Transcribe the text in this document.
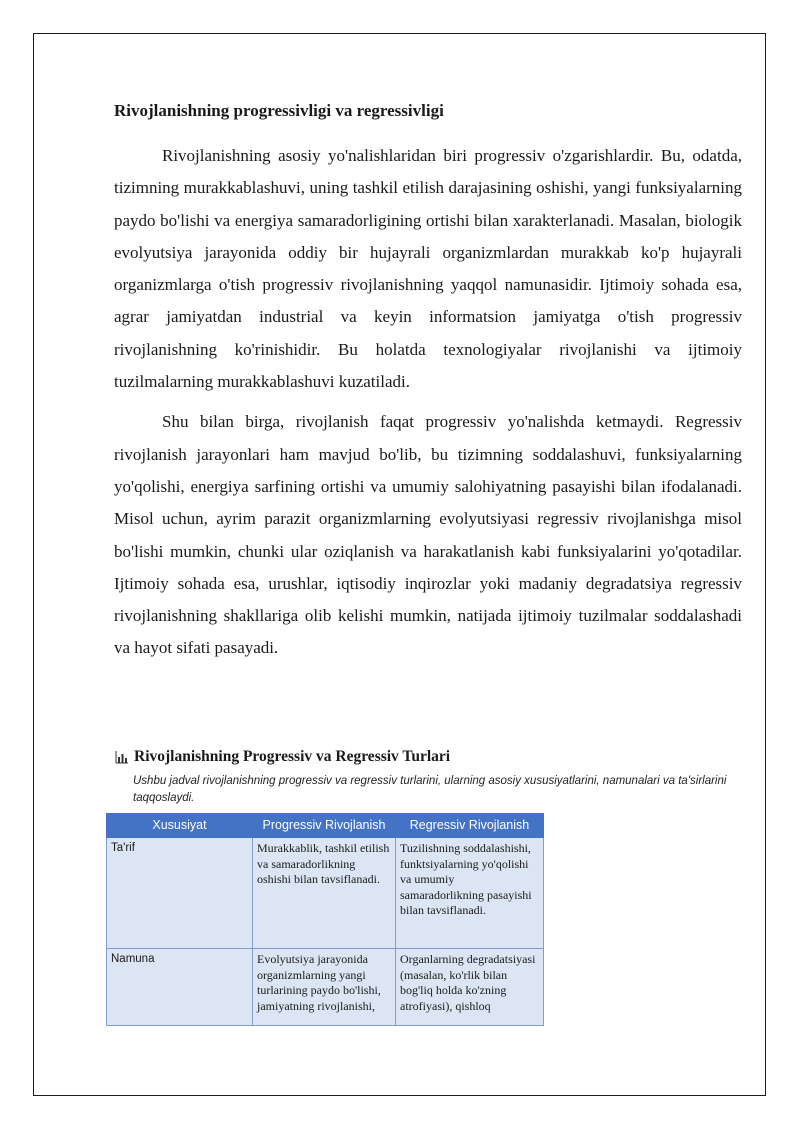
Rivojlanishning progressivligi va regressivligi

Rivojlanishning asosiy yo'nalishlaridan biri progressiv o'zgarishlardir. Bu, odatda, tizimning murakkablashuvi, uning tashkil etilish darajasining oshishi, yangi funksiyalarning paydo bo'lishi va energiya samaradorligining ortishi bilan xarakterlanadi. Masalan, biologik evolyutsiya jarayonida oddiy bir hujayrali organizmlardan murakkab ko'p hujayrali organizmlarga o'tish progressiv rivojlanishning yaqqol namunasidir. Ijtimoiy sohada esa, agrar jamiyatdan industrial va keyin informatsion jamiyatga o'tish progressiv rivojlanishning ko'rinishidir. Bu holatda texnologiyalar rivojlanishi va ijtimoiy tuzilmalarning murakkablashuvi kuzatiladi.

Shu bilan birga, rivojlanish faqat progressiv yo'nalishda ketmaydi. Regressiv rivojlanish jarayonlari ham mavjud bo'lib, bu tizimning soddalashuvi, funksiyalarning yo'qolishi, energiya sarfining ortishi va umumiy salohiyatning pasayishi bilan ifodalanadi. Misol uchun, ayrim parazit organizmlarning evolyutsiyasi regressiv rivojlanishga misol bo'lishi mumkin, chunki ular oziqlanish va harakatlanish kabi funksiyalarini yo'qotadilar. Ijtimoiy sohada esa, urushlar, iqtisodiy inqirozlar yoki madaniy degradatsiya regressiv rivojlanishning shakllariga olib kelishi mumkin, natijada ijtimoiy tuzilmalar soddalashadi va hayot sifati pasayadi.

Rivojlanishning Progressiv va Regressiv Turlari
Ushbu jadval rivojlanishning progressiv va regressiv turlarini, ularning asosiy xususiyatlarini, namunalari va ta'sirlarini taqqoslaydi.
Xususiyat	Progressiv Rivojlanish	Regressiv Rivojlanish
Ta'rif	Murakkablik, tashkil etilish va samaradorlikning oshishi bilan tavsiflanadi.	Tuzilishning soddalashishi, funktsiyalarning yo'qolishi va umumiy samaradorlikning pasayishi bilan tavsiflanadi.
Namuna	Evolyutsiya jarayonida organizmlarning yangi turlarining paydo bo'lishi, jamiyatning rivojlanishi,	Organlarning degradatsiyasi (masalan, ko'rlik bilan bog'liq holda ko'zning atrofiyasi), qishloq
